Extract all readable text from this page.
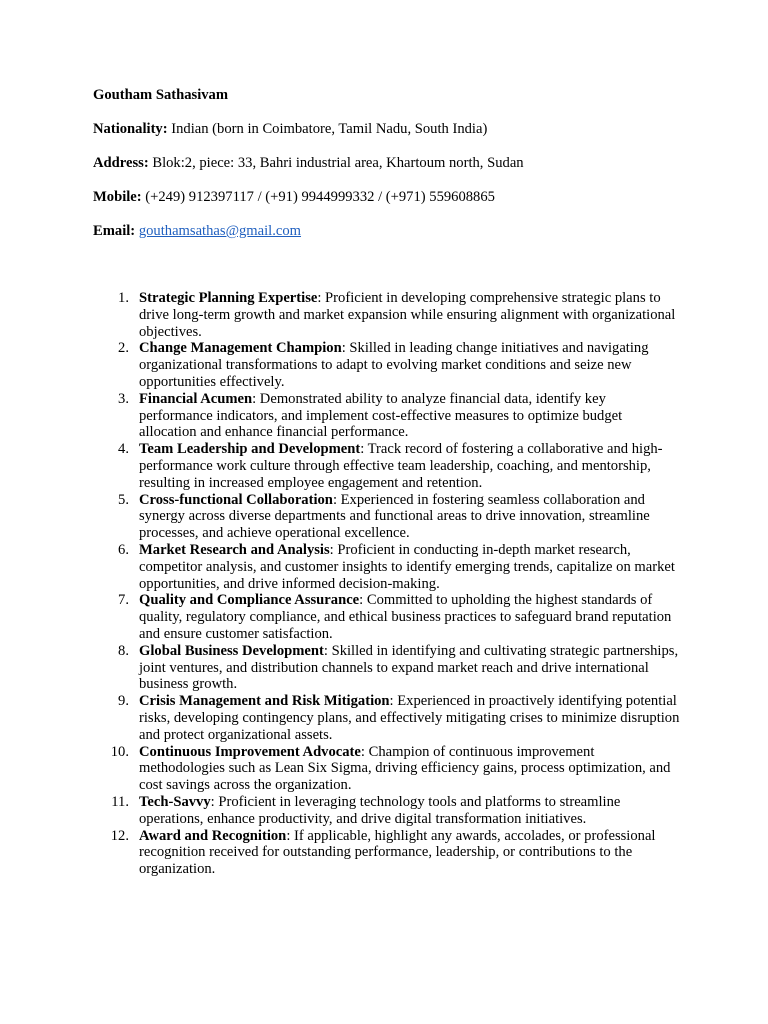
Goutham Sathasivam
Nationality: Indian (born in Coimbatore, Tamil Nadu, South India)
Address: Blok:2, piece: 33, Bahri industrial area, Khartoum north, Sudan
Mobile: (+249) 912397117 / (+91) 9944999332 / (+971) 559608865
Email: gouthamsathas@gmail.com
1. Strategic Planning Expertise: Proficient in developing comprehensive strategic plans to drive long-term growth and market expansion while ensuring alignment with organizational objectives.
2. Change Management Champion: Skilled in leading change initiatives and navigating organizational transformations to adapt to evolving market conditions and seize new opportunities effectively.
3. Financial Acumen: Demonstrated ability to analyze financial data, identify key performance indicators, and implement cost-effective measures to optimize budget allocation and enhance financial performance.
4. Team Leadership and Development: Track record of fostering a collaborative and high-performance work culture through effective team leadership, coaching, and mentorship, resulting in increased employee engagement and retention.
5. Cross-functional Collaboration: Experienced in fostering seamless collaboration and synergy across diverse departments and functional areas to drive innovation, streamline processes, and achieve operational excellence.
6. Market Research and Analysis: Proficient in conducting in-depth market research, competitor analysis, and customer insights to identify emerging trends, capitalize on market opportunities, and drive informed decision-making.
7. Quality and Compliance Assurance: Committed to upholding the highest standards of quality, regulatory compliance, and ethical business practices to safeguard brand reputation and ensure customer satisfaction.
8. Global Business Development: Skilled in identifying and cultivating strategic partnerships, joint ventures, and distribution channels to expand market reach and drive international business growth.
9. Crisis Management and Risk Mitigation: Experienced in proactively identifying potential risks, developing contingency plans, and effectively mitigating crises to minimize disruption and protect organizational assets.
10. Continuous Improvement Advocate: Champion of continuous improvement methodologies such as Lean Six Sigma, driving efficiency gains, process optimization, and cost savings across the organization.
11. Tech-Savvy: Proficient in leveraging technology tools and platforms to streamline operations, enhance productivity, and drive digital transformation initiatives.
12. Award and Recognition: If applicable, highlight any awards, accolades, or professional recognition received for outstanding performance, leadership, or contributions to the organization.
